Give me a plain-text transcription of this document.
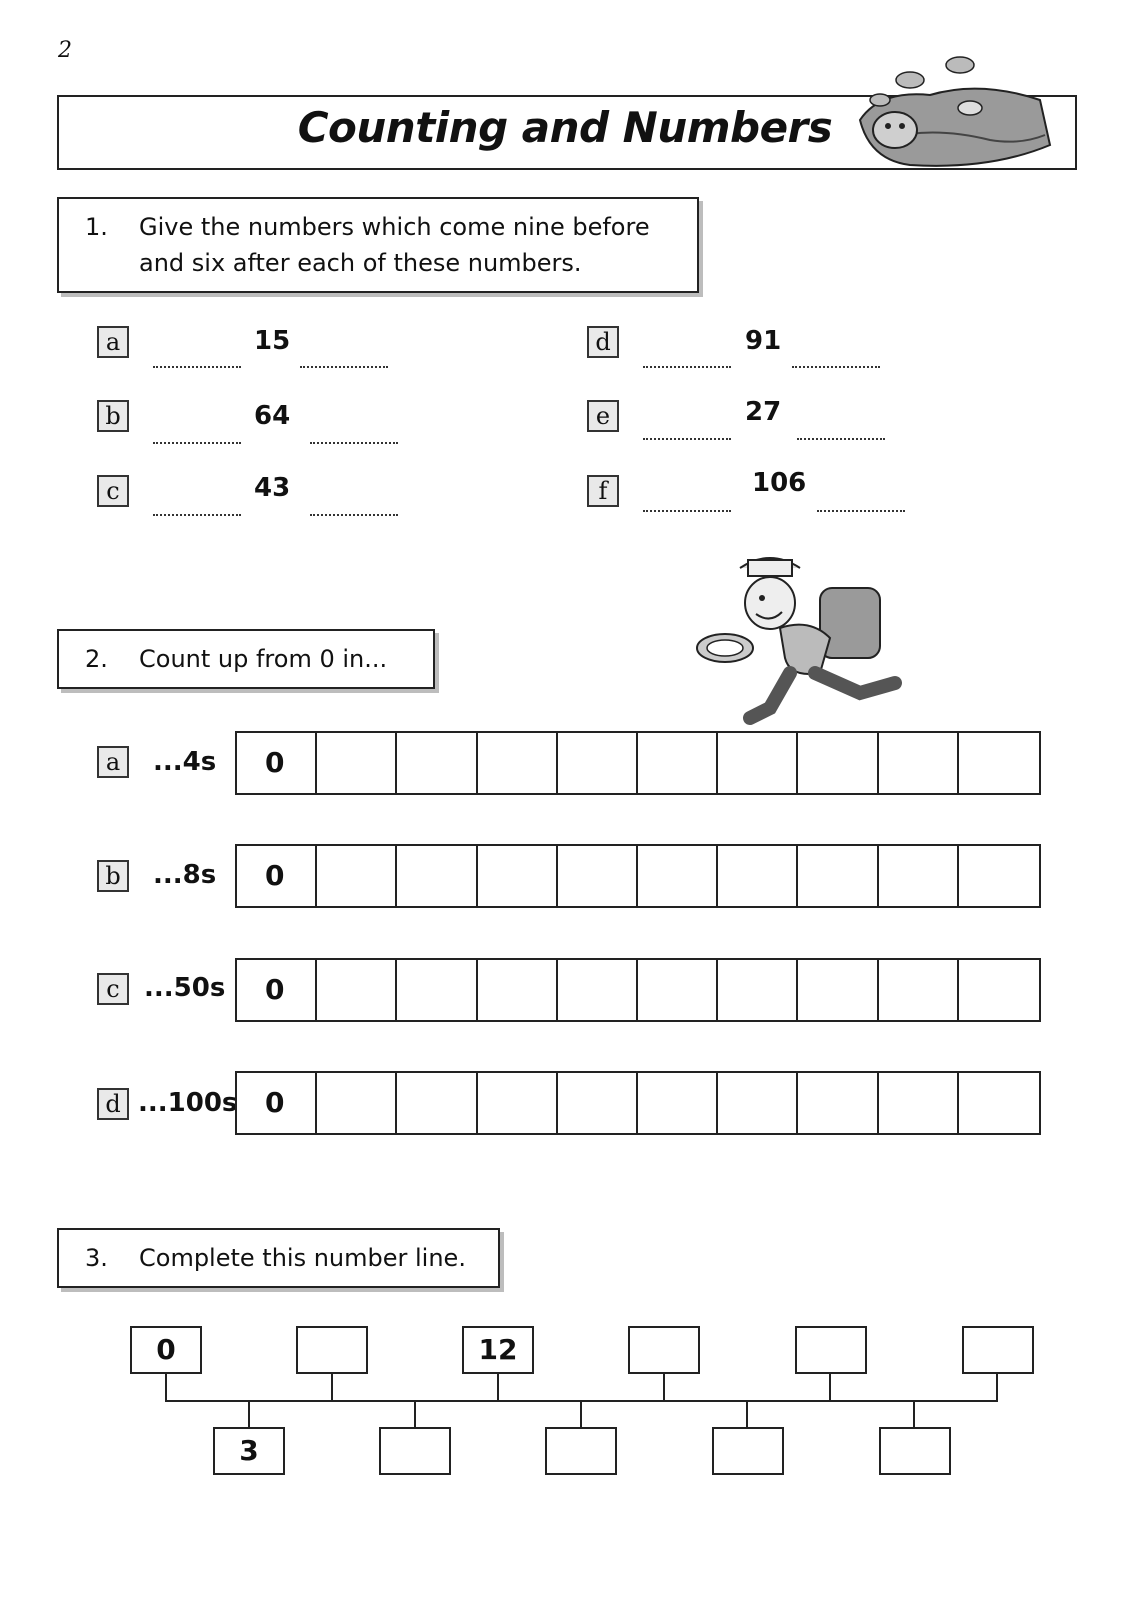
2
Counting and Numbers
1. Give the numbers which come nine before
and six after each of these numbers.
a	15
b	64
c	43
d	91
e	27
f	106
2. Count up from 0 in...
a	...4s	0
b	...8s	0
c ...50s	0
d ...100s 0
3. Complete this number line.
0	12
3
